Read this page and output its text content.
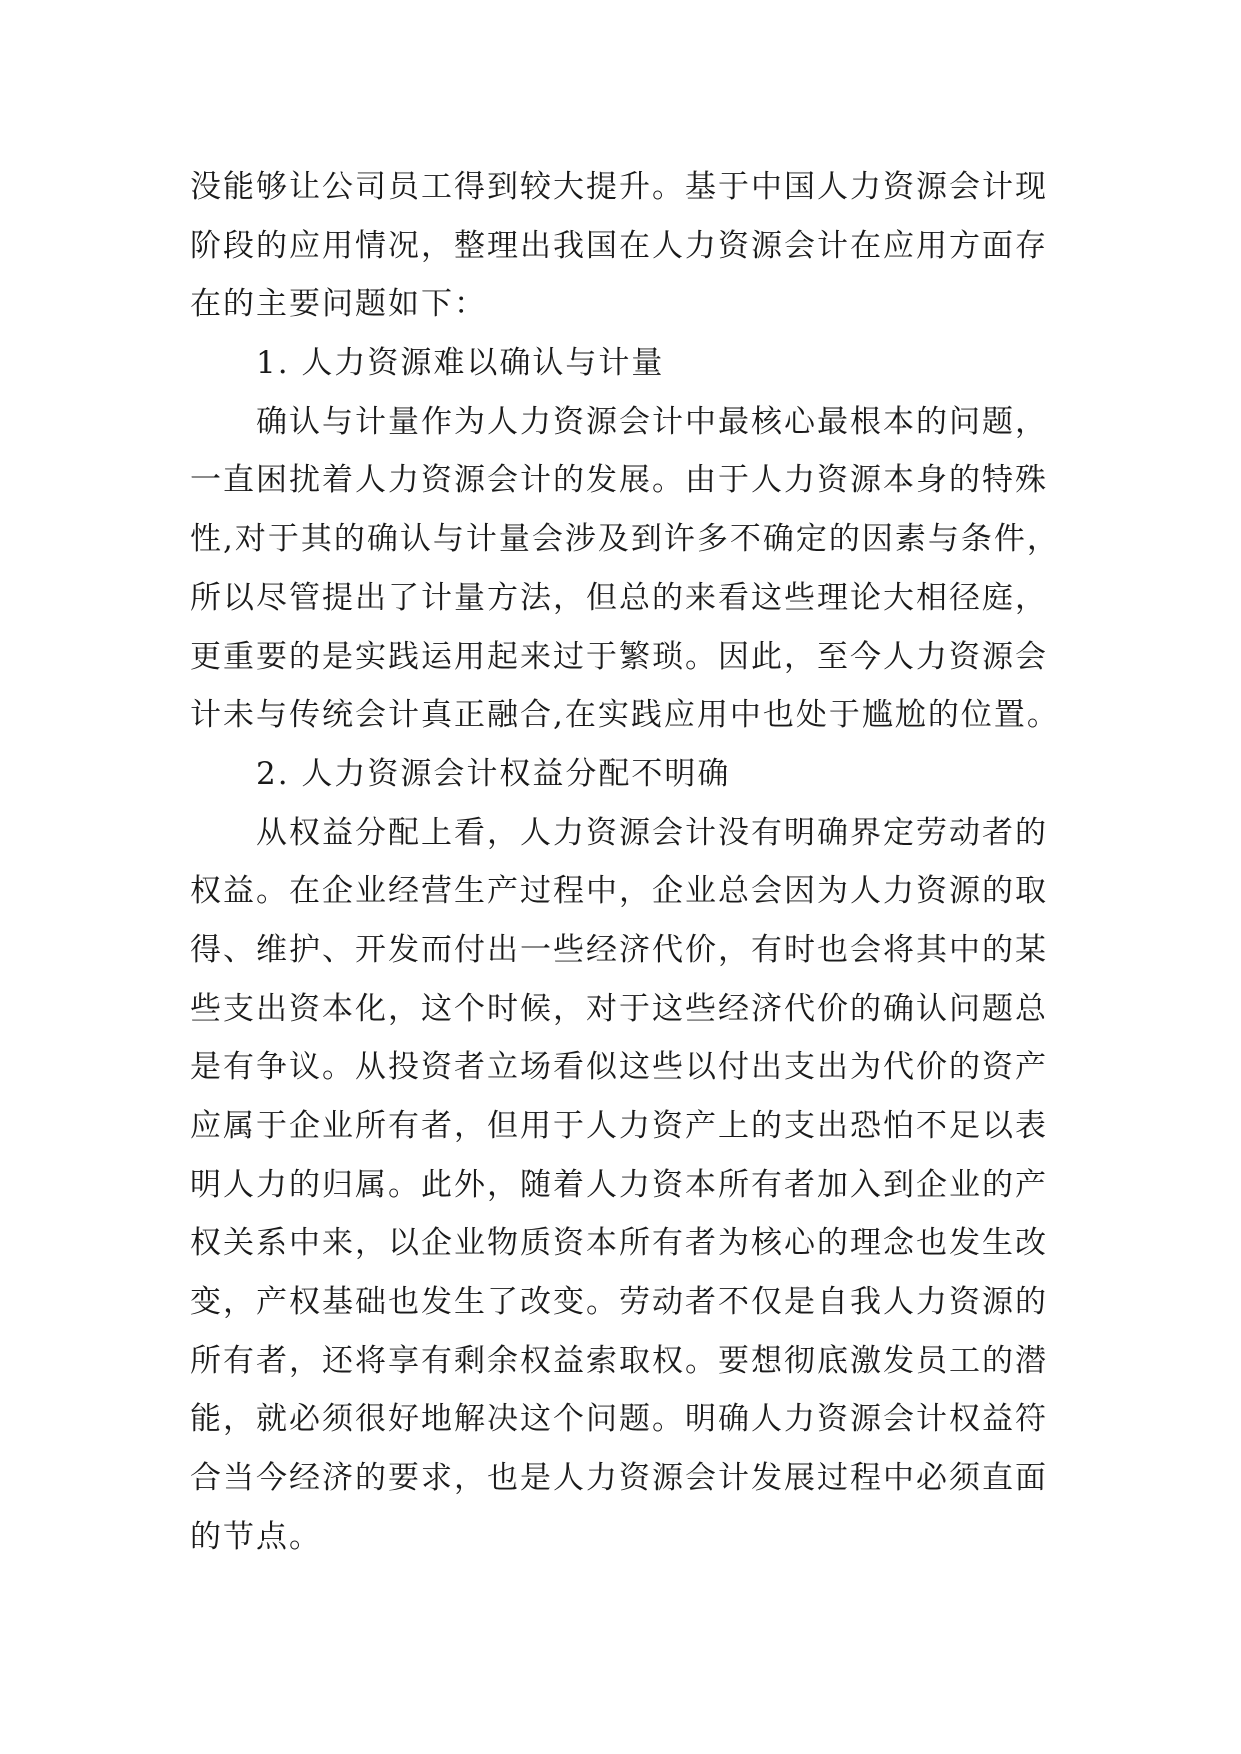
没能够让公司员工得到较大提升。基于中国人力资源会计现
阶段的应用情况，整理出我国在人力资源会计在应用方面存
在的主要问题如下：
1. 人力资源难以确认与计量
确认与计量作为人力资源会计中最核心最根本的问题，
一直困扰着人力资源会计的发展。由于人力资源本身的特殊
性,对于其的确认与计量会涉及到许多不确定的因素与条件，
所以尽管提出了计量方法，但总的来看这些理论大相径庭，
更重要的是实践运用起来过于繁琐。因此，至今人力资源会
计未与传统会计真正融合,在实践应用中也处于尴尬的位置。
2. 人力资源会计权益分配不明确
从权益分配上看，人力资源会计没有明确界定劳动者的
权益。在企业经营生产过程中，企业总会因为人力资源的取
得、维护、开发而付出一些经济代价，有时也会将其中的某
些支出资本化，这个时候，对于这些经济代价的确认问题总
是有争议。从投资者立场看似这些以付出支出为代价的资产
应属于企业所有者，但用于人力资产上的支出恐怕不足以表
明人力的归属。此外，随着人力资本所有者加入到企业的产
权关系中来，以企业物质资本所有者为核心的理念也发生改
变，产权基础也发生了改变。劳动者不仅是自我人力资源的
所有者，还将享有剩余权益索取权。要想彻底激发员工的潜
能，就必须很好地解决这个问题。明确人力资源会计权益符
合当今经济的要求，也是人力资源会计发展过程中必须直面
的节点。
